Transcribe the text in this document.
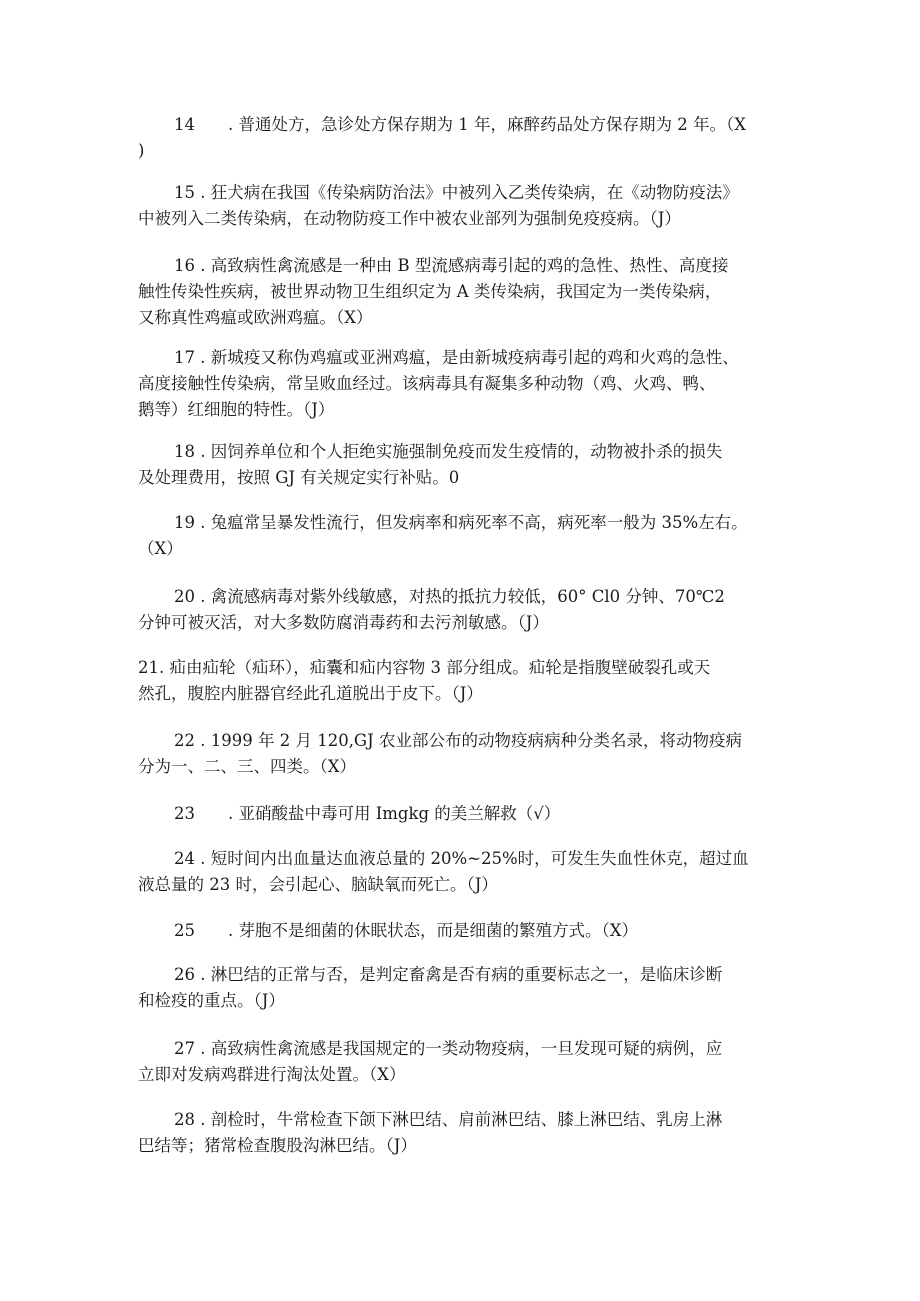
14　　. 普通处方，急诊处方保存期为 1 年，麻醉药品处方保存期为 2 年。（X
)
15 . 狂犬病在我国《传染病防治法》中被列入乙类传染病，在《动物防疫法》
中被列入二类传染病，在动物防疫工作中被农业部列为强制免疫疫病。（J）
16 . 高致病性禽流感是一种由 B 型流感病毒引起的鸡的急性、热性、高度接
触性传染性疾病，被世界动物卫生组织定为 A 类传染病，我国定为一类传染病，
又称真性鸡瘟或欧洲鸡瘟。（X）
17 . 新城疫又称伪鸡瘟或亚洲鸡瘟，是由新城疫病毒引起的鸡和火鸡的急性、
高度接触性传染病，常呈败血经过。该病毒具有凝集多种动物（鸡、火鸡、鸭、
鹅等）红细胞的特性。（J）
18 . 因饲养单位和个人拒绝实施强制免疫而发生疫情的，动物被扑杀的损失
及处理费用，按照 GJ 有关规定实行补贴。0
19 . 兔瘟常呈暴发性流行，但发病率和病死率不高，病死率一般为 35%左右。
（X）
20 . 禽流感病毒对紫外线敏感，对热的抵抗力较低，60° Cl0 分钟、70℃2
分钟可被灭活，对大多数防腐消毒药和去污剂敏感。（J）
21. 疝由疝轮（疝环），疝囊和疝内容物 3 部分组成。疝轮是指腹壁破裂孔或天
然孔，腹腔内脏器官经此孔道脱出于皮下。（J）
22 . 1999 年 2 月 120,GJ 农业部公布的动物疫病病种分类名录，将动物疫病
分为一、二、三、四类。（X）
23　　. 亚硝酸盐中毒可用 Imgkg 的美兰解救（√）
24 . 短时间内出血量达血液总量的 20%~25%时，可发生失血性休克，超过血
液总量的 23 时，会引起心、脑缺氧而死亡。（J）
25　　. 芽胞不是细菌的休眠状态，而是细菌的繁殖方式。（X）
26 . 淋巴结的正常与否，是判定畜禽是否有病的重要标志之一，是临床诊断
和检疫的重点。（J）
27 . 高致病性禽流感是我国规定的一类动物疫病，一旦发现可疑的病例，应
立即对发病鸡群进行淘汰处置。（X）
28 . 剖检时，牛常检查下颌下淋巴结、肩前淋巴结、膝上淋巴结、乳房上淋
巴结等；猪常检查腹股沟淋巴结。（J）
